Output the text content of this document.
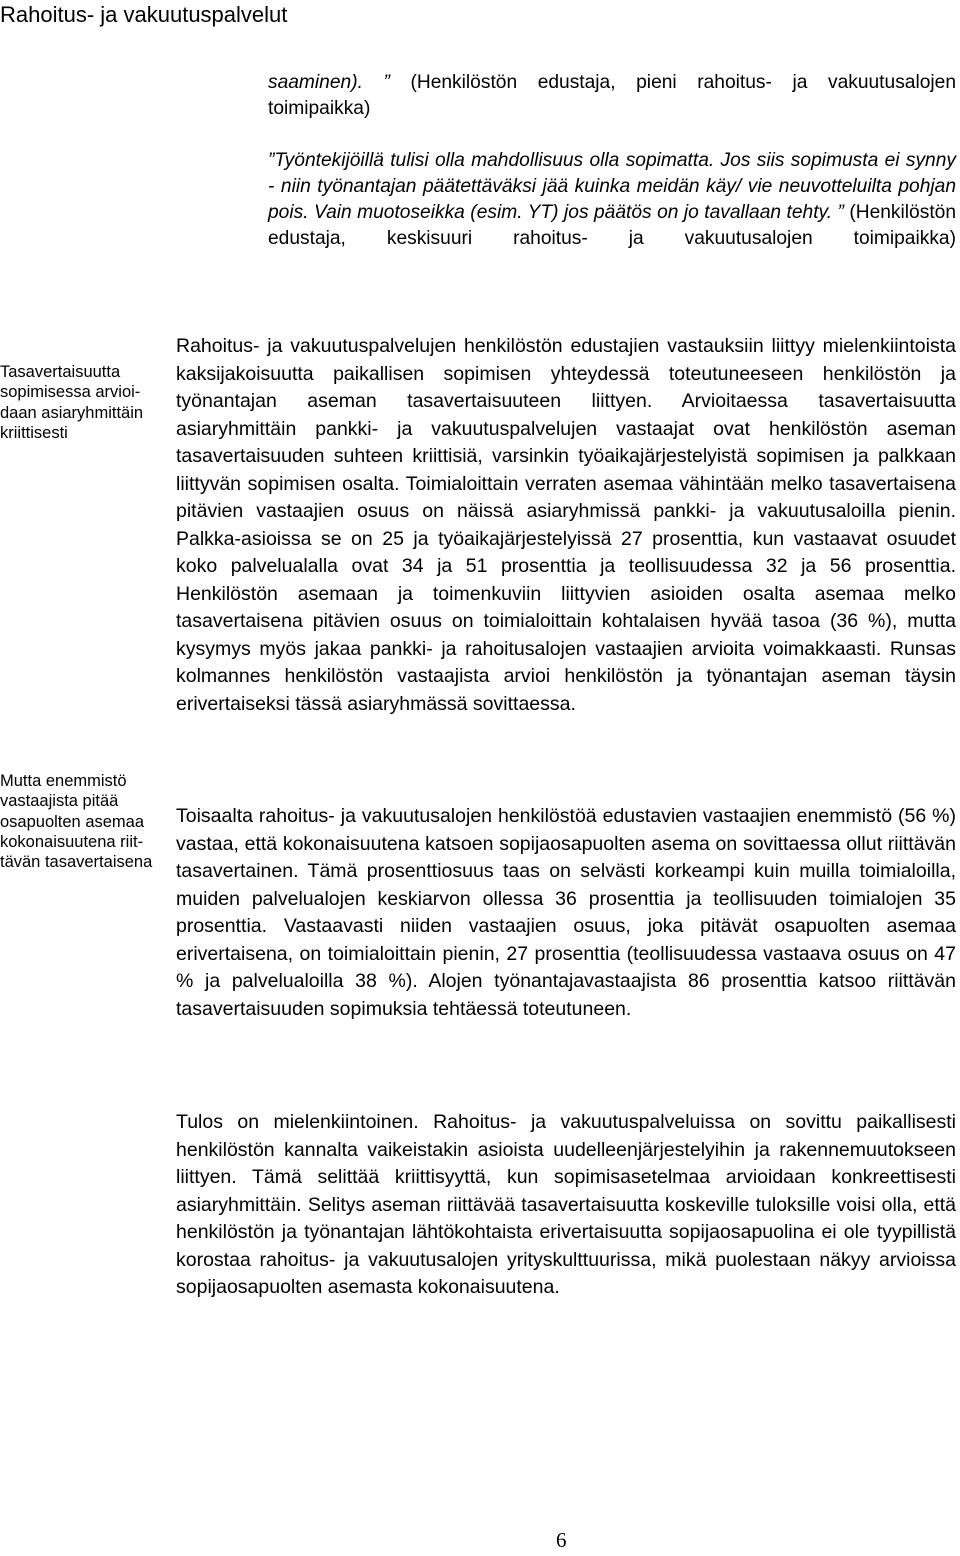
Rahoitus- ja vakuutuspalvelut

saaminen). ” (Henkilöstön edustaja, pieni rahoitus- ja vakuutusalojen toimipaikka)

”Työntekijöillä tulisi olla mahdollisuus olla sopimatta. Jos siis sopimusta ei synny - niin työnantajan päätettäväksi jää kuinka meidän käy/ vie neuvotteluilta pohjan pois. Vain muotoseikka (esim. YT) jos päätös on jo tavallaan tehty. ” (Henkilöstön edustaja, keskisuuri rahoitus- ja vakuutusalojen toimipaikka)

Tasavertaisuutta sopimisessa arvioidaan asiaryhmittäin kriittisesti

Rahoitus- ja vakuutuspalvelujen henkilöstön edustajien vastauksiin liittyy mielenkiintoista kaksijakoisuutta paikallisen sopimisen yhteydessä toteutuneeseen henkilöstön ja työnantajan aseman tasavertaisuuteen liittyen. Arvioitaessa tasavertaisuutta asiaryhmittäin pankki- ja vakuutuspalvelujen vastaajat ovat henkilöstön aseman tasavertaisuuden suhteen kriittisiä, varsinkin työaikajärjestelyistä sopimisen ja palkkaan liittyvän sopimisen osalta. Toimialoittain verraten asemaa vähintään melko tasavertaisena pitävien vastaajien osuus on näissä asiaryhmissä pankki- ja vakuutusaloilla pienin. Palkka-asioissa se on 25 ja työaikajärjestelyissä 27 prosenttia, kun vastaavat osuudet koko palvelualalla ovat 34 ja 51 prosenttia ja teollisuudessa 32 ja 56 prosenttia. Henkilöstön asemaan ja toimenkuviin liittyvien asioiden osalta asemaa melko tasavertaisena pitävien osuus on toimialoittain kohtalaisen hyvää tasoa (36 %), mutta kysymys myös jakaa pankki- ja rahoitusalojen vastaajien arvioita voimakkaasti. Runsas kolmannes henkilöstön vastaajista arvioi henkilöstön ja työnantajan aseman täysin erivertaiseksi tässä asiaryhmässä sovittaessa.

Mutta enemmistö vastaajista pitää osapuolten asemaa kokonaisuutena riittävän tasavertaisena

Toisaalta rahoitus- ja vakuutusalojen henkilöstöä edustavien vastaajien enemmistö (56 %) vastaa, että kokonaisuutena katsoen sopijaosapuolten asema on sovittaessa ollut riittävän tasavertainen. Tämä prosenttiosuus taas on selvästi korkeampi kuin muilla toimialoilla, muiden palvelualojen keskiarvon ollessa 36 prosenttia ja teollisuuden toimialojen 35 prosenttia. Vastaavasti niiden vastaajien osuus, joka pitävät osapuolten asemaa erivertaisena, on toimialoittain pienin, 27 prosenttia (teollisuudessa vastaava osuus on 47 % ja palvelualoilla 38 %). Alojen työnantajavastaajista 86 prosenttia katsoo riittävän tasavertaisuuden sopimuksia tehtäessä toteutuneen.

Tulos on mielenkiintoinen. Rahoitus- ja vakuutuspalveluissa on sovittu paikallisesti henkilöstön kannalta vaikeistakin asioista uudelleenjärjestelyihin ja rakennemuutokseen liittyen. Tämä selittää kriittisyyttä, kun sopimisasetelmaa arvioidaan konkreettisesti asiaryhmittäin. Selitys aseman riittävää tasavertaisuutta koskeville tuloksille voisi olla, että henkilöstön ja työnantajan lähtökohtaista erivertaisuutta sopijaosapuolina ei ole tyypillistä korostaa rahoitus- ja vakuutusalojen yrityskulttuurissa, mikä puolestaan näkyy arvioissa sopijaosapuolten asemasta kokonaisuutena.

6
